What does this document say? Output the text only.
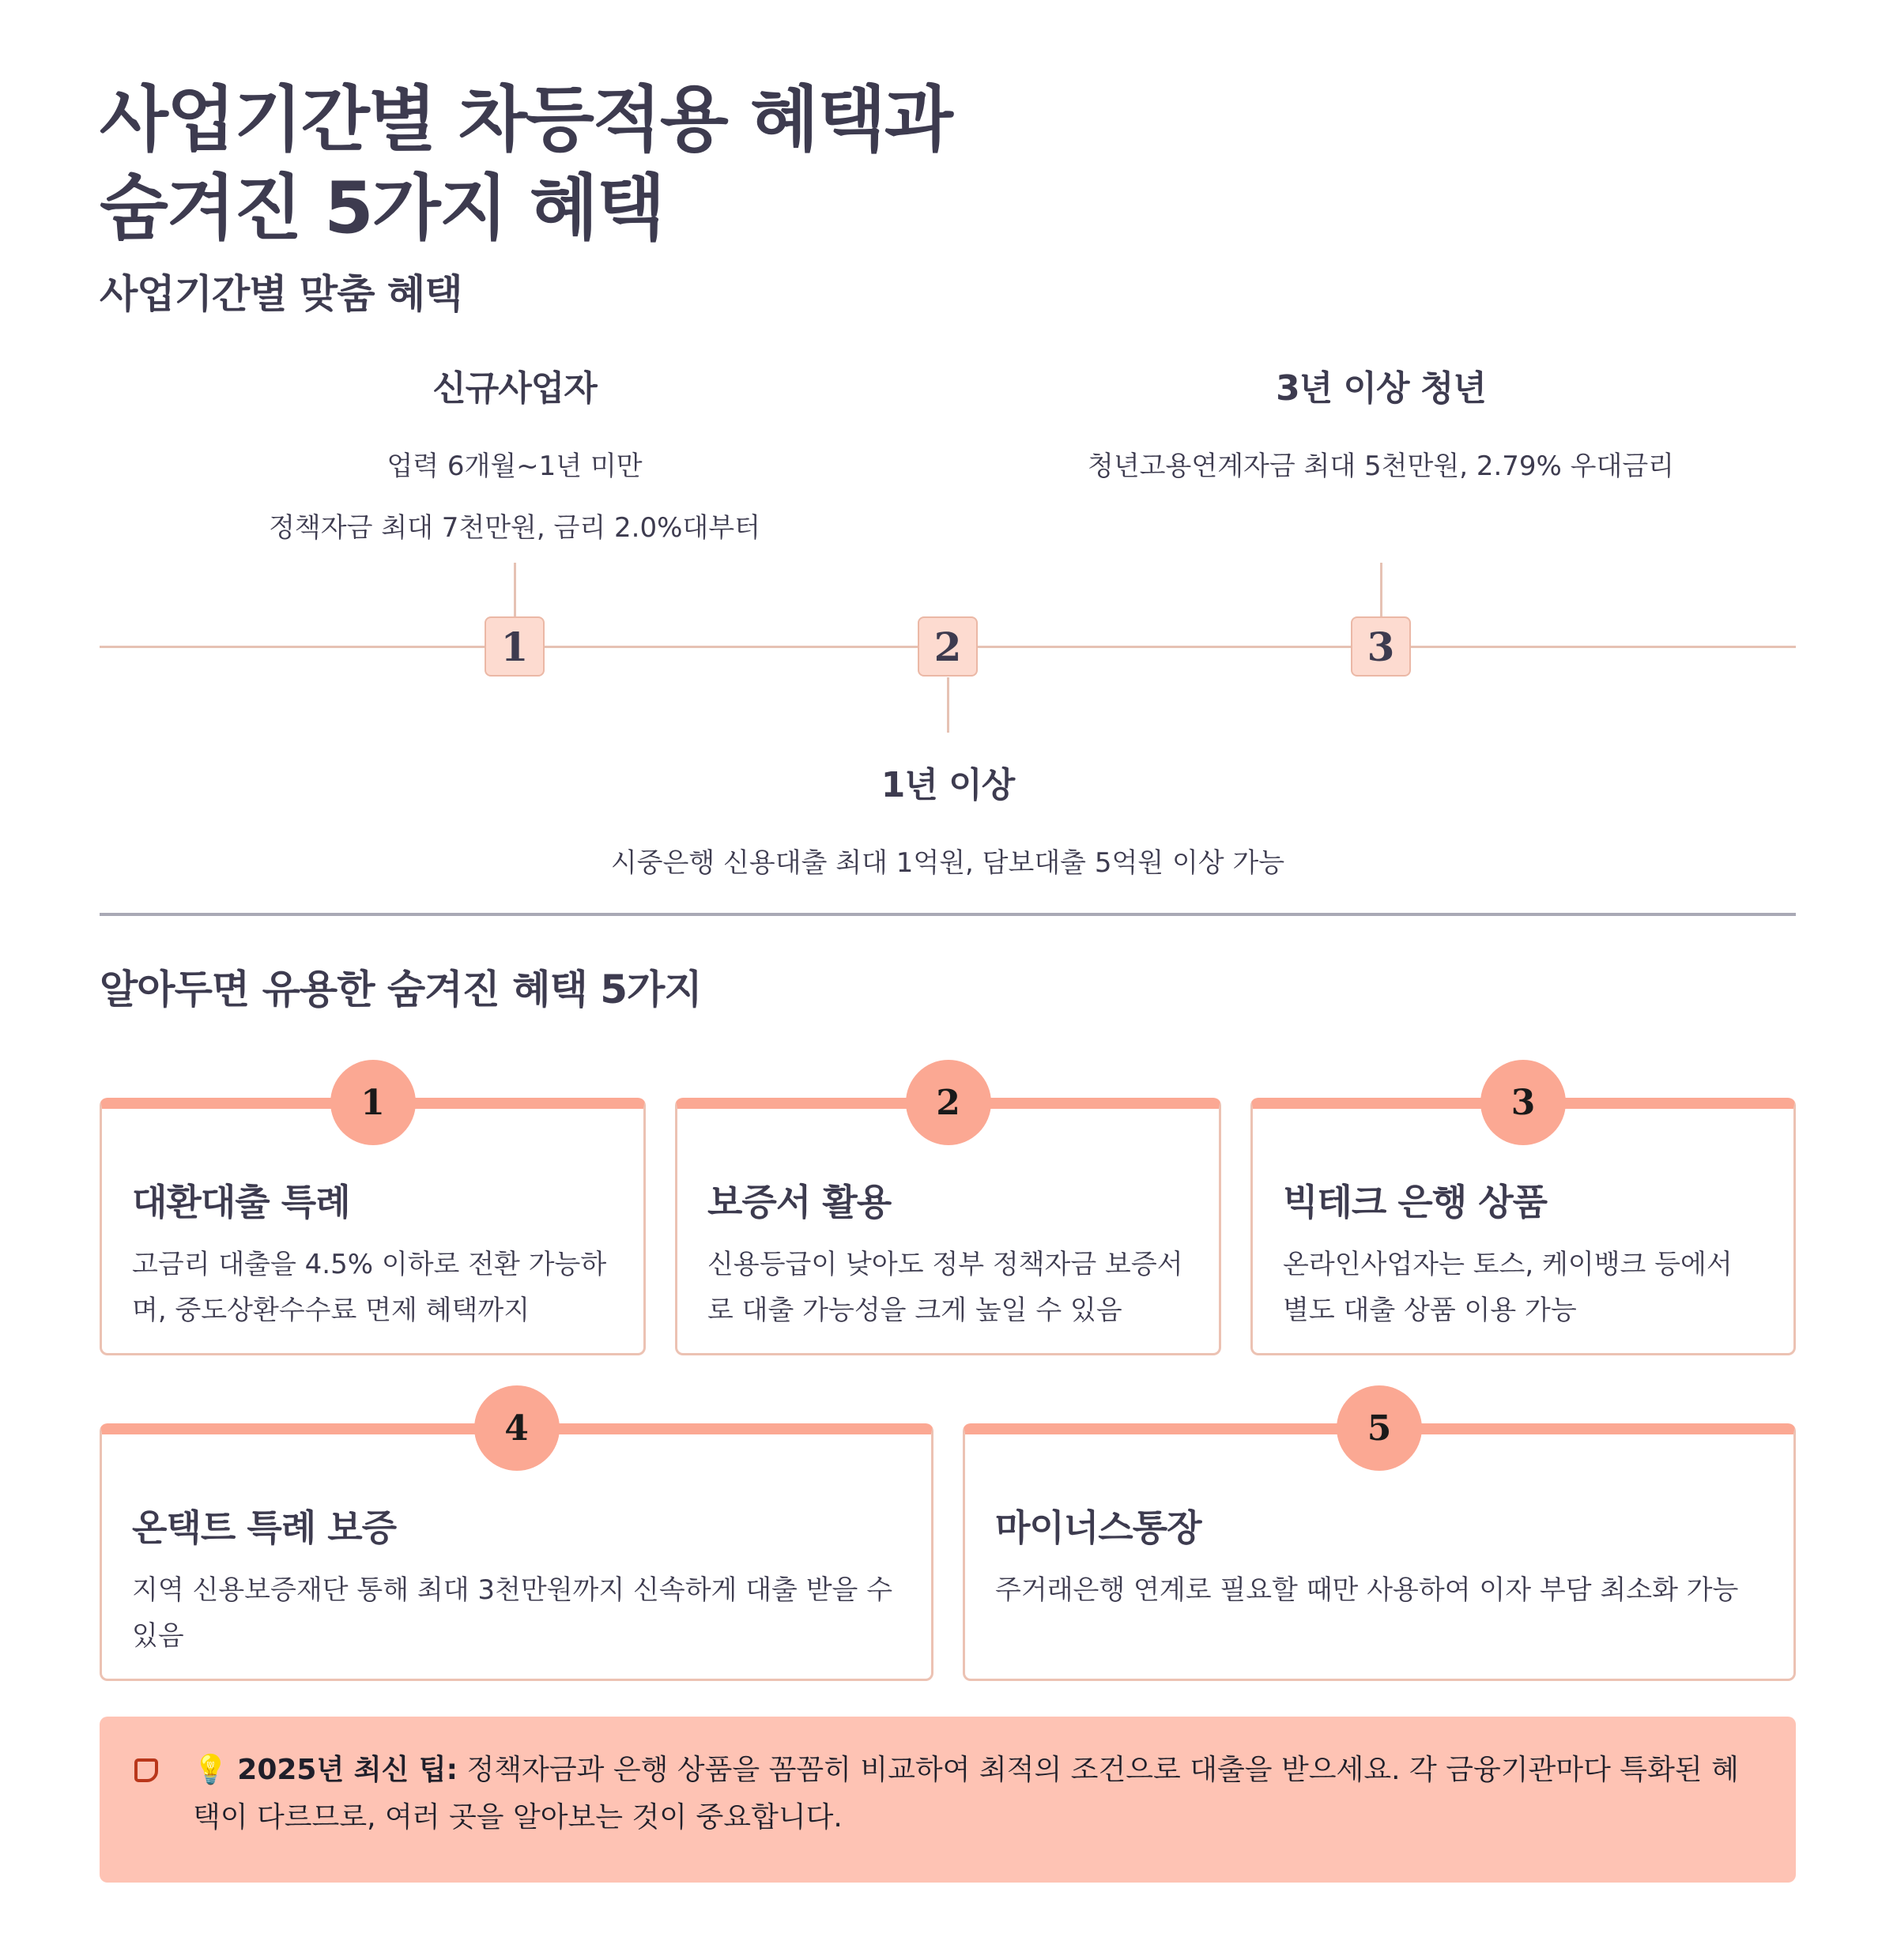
사업기간별 차등적용 혜택과
숨겨진 5가지 혜택
사업기간별 맞춤 혜택
1	2	3
신규사업자

업력 6개월~1년 미만

정책자금 최대 7천만원, 금리 2.0%대부터

1년 이상

시중은행 신용대출 최대 1억원, 담보대출 5억원 이상 가능

3년 이상 청년

청년고용연계자금 최대 5천만원, 2.79% 우대금리

알아두면 유용한 숨겨진 혜택 5가지
1
대환대출 특례

고금리 대출을 4.5% 이하로 전환 가능하며, 중도상환수수료 면제 혜택까지

2
보증서 활용

신용등급이 낮아도 정부 정책자금 보증서로 대출 가능성을 크게 높일 수 있음

3
빅테크 은행 상품

온라인사업자는 토스, 케이뱅크 등에서 별도 대출 상품 이용 가능

4
온택트 특례 보증

지역 신용보증재단 통해 최대 3천만원까지 신속하게 대출 받을 수 있음

5
마이너스통장

주거래은행 연계로 필요할 때만 사용하여 이자 부담 최소화 가능

💡 2025년 최신 팁: 정책자금과 은행 상품을 꼼꼼히 비교하여 최적의 조건으로 대출을 받으세요. 각 금융기관마다 특화된 혜택이 다르므로, 여러 곳을 알아보는 것이 중요합니다.
